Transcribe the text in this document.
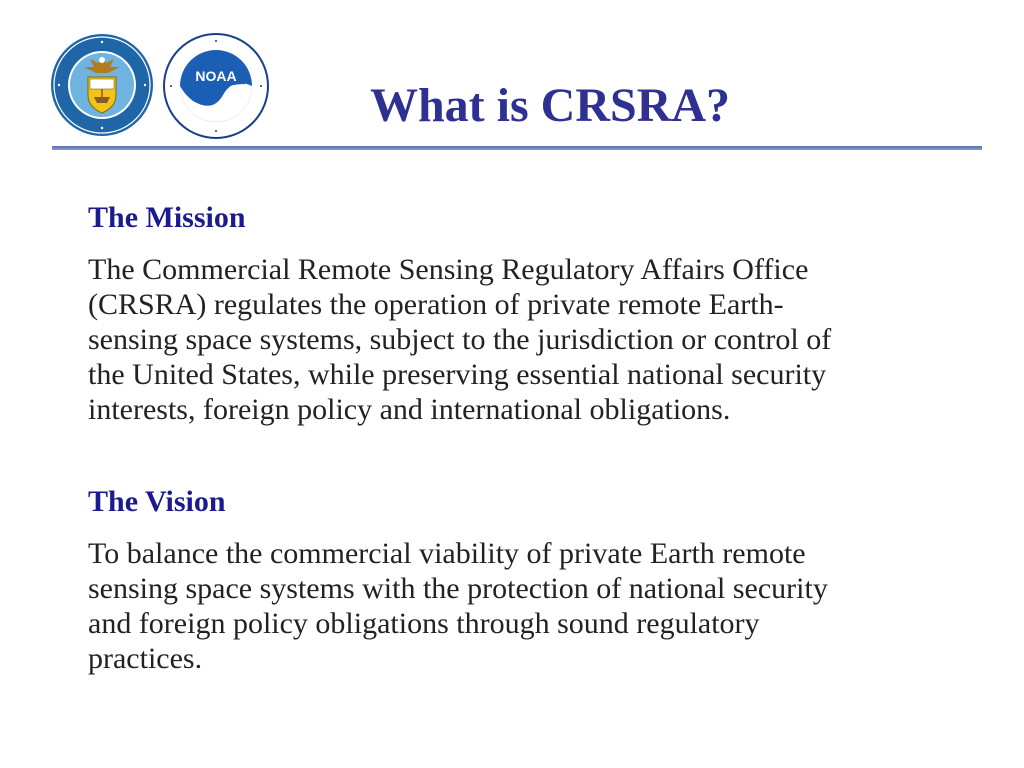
NOAA
What is CRSRA?
The Mission

The Commercial Remote Sensing Regulatory Affairs Office
(CRSRA) regulates the operation of private remote Earth-
sensing space systems, subject to the jurisdiction or control of
the United States, while preserving essential national security
interests, foreign policy and international obligations.

The Vision

To balance the commercial viability of private Earth remote
sensing space systems with the protection of national security
and foreign policy obligations through sound regulatory
practices.
